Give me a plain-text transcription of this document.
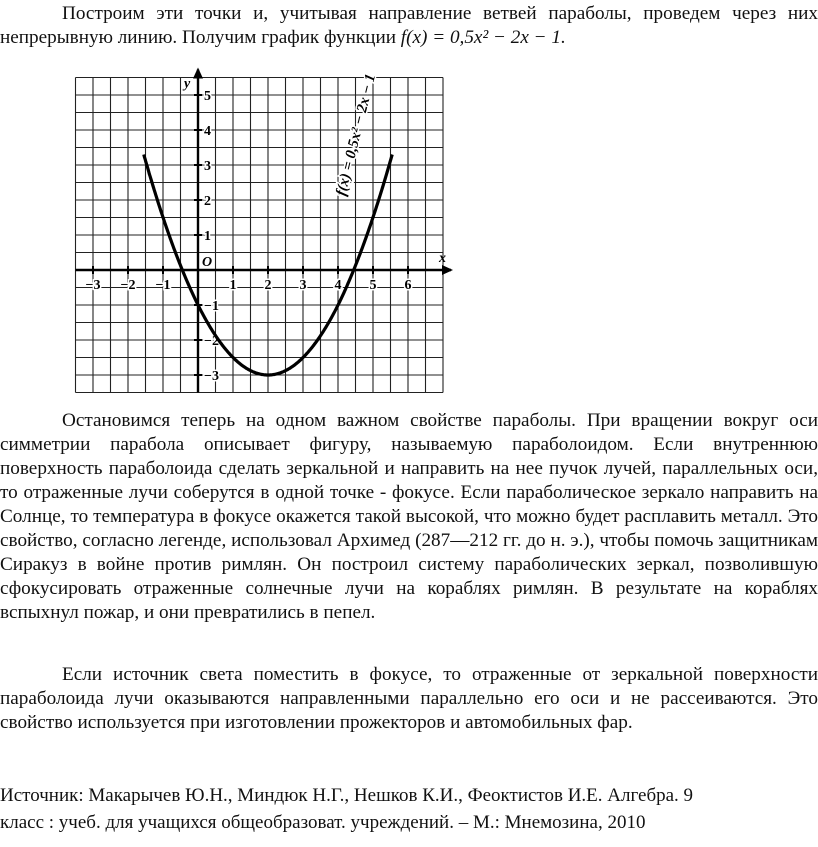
Построим эти точки и, учитывая направление ветвей параболы, проведем через них непрерывную линию. Получим график функции f(x) = 0,5x² − 2x − 1.

x
y
O
−3 −2 −1	1 2 3 4 5 6
−3
−2
−1
1
2
3
4
5	f(x) = 0,5x² − 2x − 1

Остановимся теперь на одном важном свойстве параболы. При вращении вокруг оси симметрии парабола описывает фигуру, называемую параболоидом. Если внутреннюю поверхность параболоида сделать зеркальной и направить на нее пучок лучей, параллельных оси, то отраженные лучи соберутся в одной точке - фокусе. Если параболическое зеркало направить на Солнце, то температура в фокусе окажется такой высокой, что можно будет расплавить металл. Это свойство, согласно легенде, использовал Архимед (287—212 гг. до н. э.), чтобы помочь защитникам Сиракуз в войне против римлян. Он построил систему параболических зеркал, позволившую сфокусировать отраженные солнечные лучи на кораблях римлян. В результате на кораблях вспыхнул пожар, и они превратились в пепел.

Если источник света поместить в фокусе, то отраженные от зеркальной поверхности параболоида лучи оказываются направленными параллельно его оси и не рассеиваются. Это свойство используется при изготовлении прожекторов и автомобильных фар.

Источник: Макарычев Ю.Н., Миндюк Н.Г., Нешков К.И., Феоктистов И.Е. Алгебра. 9
класс : учеб. для учащихся общеобразоват. учреждений. – М.: Мнемозина, 2010
